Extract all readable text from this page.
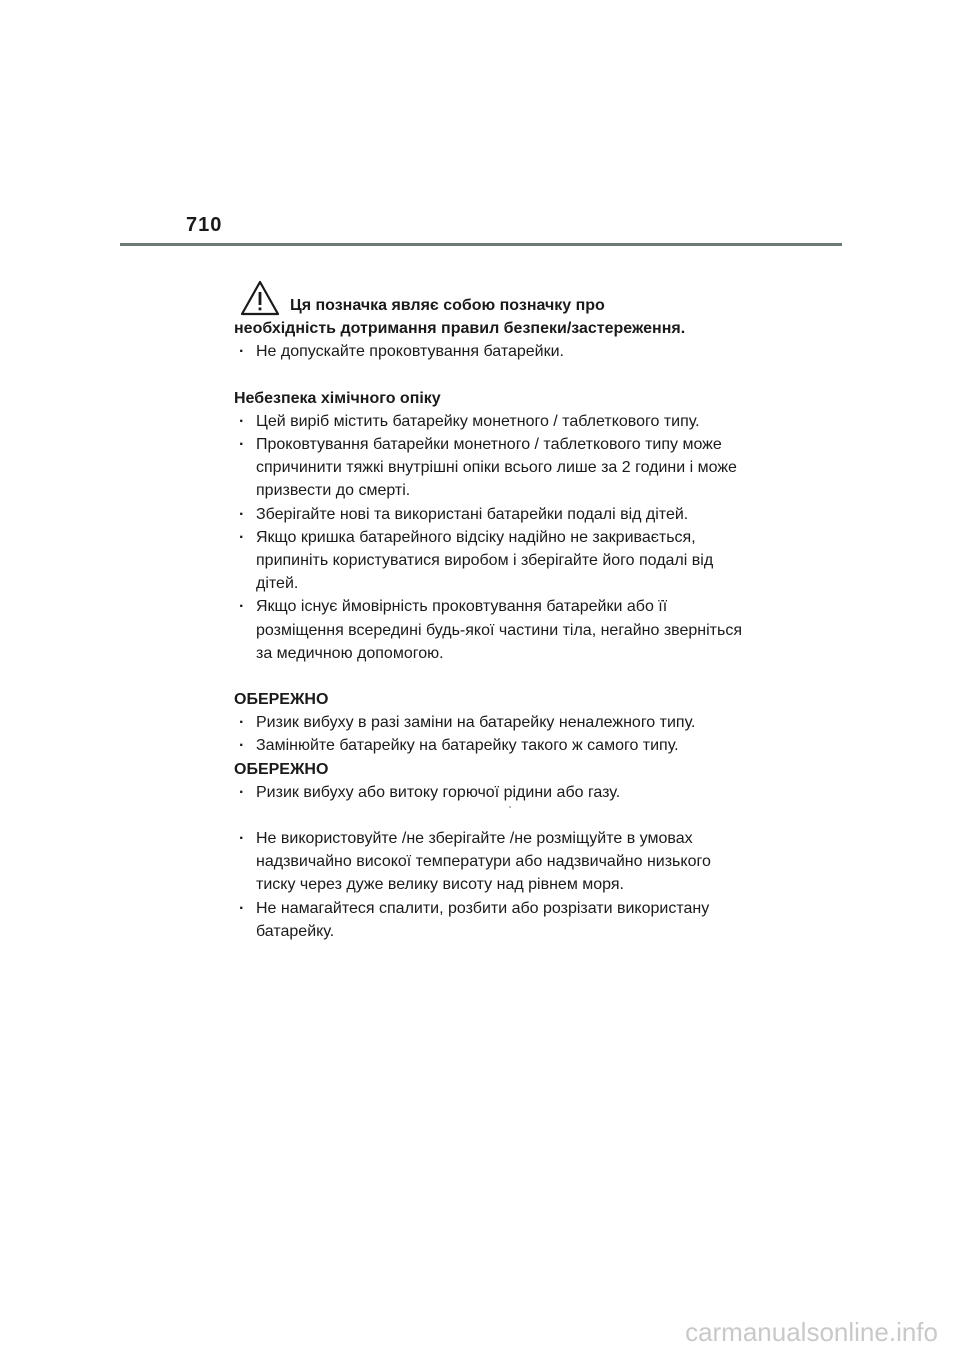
710
Ця позначка являє собою позначку про
необхідність дотримання правил безпеки/застереження.
· Не допускайте проковтування батарейки.
Небезпека хімічного опіку
· Цей виріб містить батарейку монетного / таблеткового типу.
· Проковтування батарейки монетного / таблеткового типу може спричинити тяжкі внутрішні опіки всього лише за 2 години і може призвести до смерті.
· Зберігайте нові та використані батарейки подалі від дітей.
· Якщо кришка батарейного відсіку надійно не закривається, припиніть користуватися виробом і зберігайте його подалі від дітей.
· Якщо існує ймовірність проковтування батарейки або її розміщення всередині будь-якої частини тіла, негайно зверніться за медичною допомогою.
ОБЕРЕЖНО
· Ризик вибуху в разі заміни на батарейку неналежного типу.
· Замінюйте батарейку на батарейку такого ж самого типу.
ОБЕРЕЖНО
· Ризик вибуху або витоку горючої рідини або газу.
· Не використовуйте /не зберігайте /не розміщуйте в умовах надзвичайно високої температури або надзвичайно низького тиску через дуже велику висоту над рівнем моря.
· Не намагайтеся спалити, розбити або розрізати використану батарейку.
carmanualsonline.info
